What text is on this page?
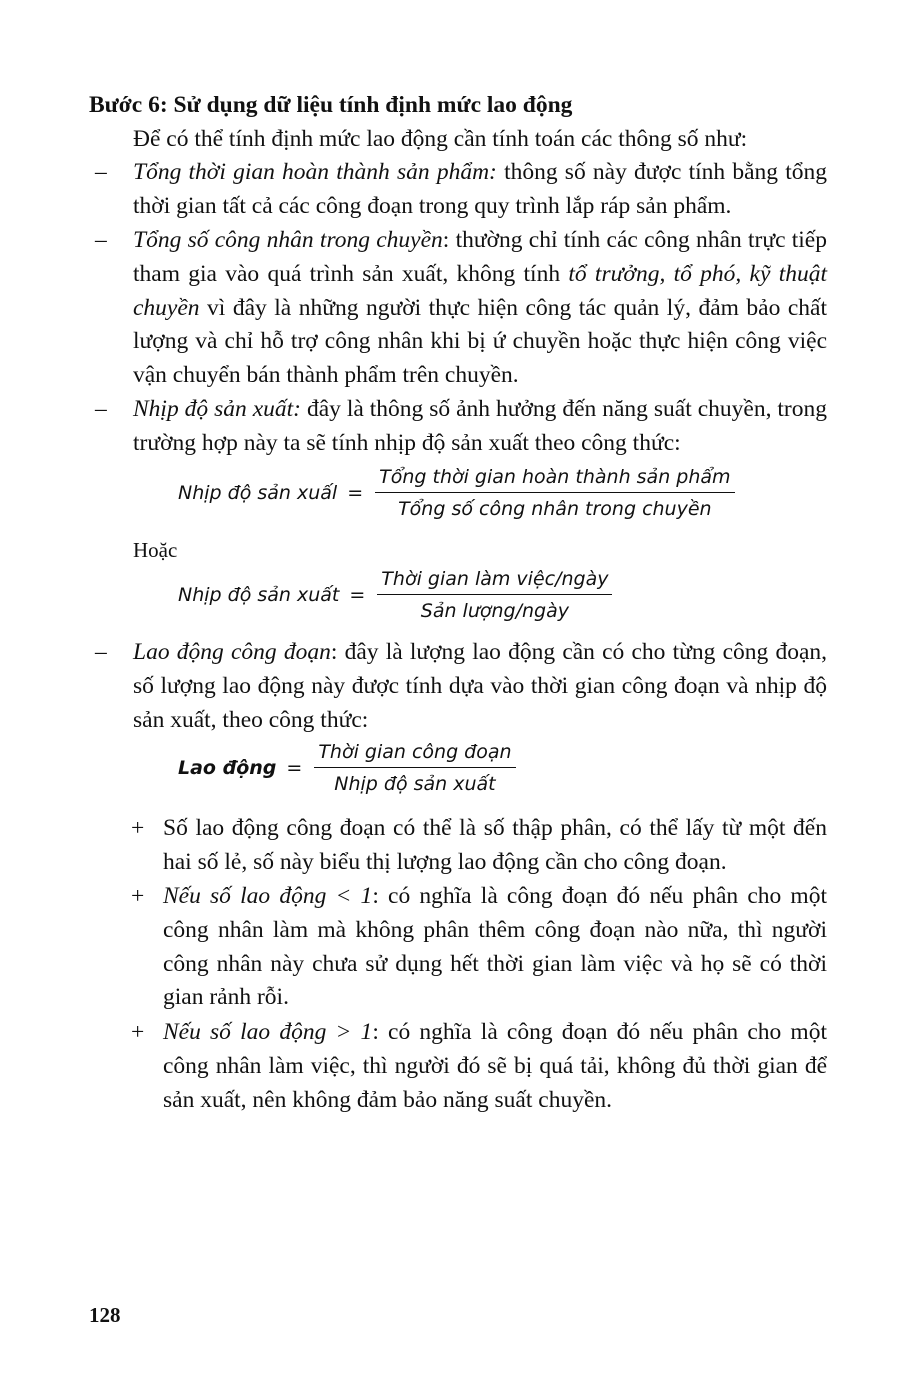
Bước 6: Sử dụng dữ liệu tính định mức lao động
Để có thể tính định mức lao động cần tính toán các thông số như:
– Tổng thời gian hoàn thành sản phẩm: thông số này được tính bằng tổng thời gian tất cả các công đoạn trong quy trình lắp ráp sản phẩm.
– Tổng số công nhân trong chuyền: thường chỉ tính các công nhân trực tiếp tham gia vào quá trình sản xuất, không tính tổ trưởng, tổ phó, kỹ thuật chuyền vì đây là những người thực hiện công tác quản lý, đảm bảo chất lượng và chỉ hỗ trợ công nhân khi bị ứ chuyền hoặc thực hiện công việc vận chuyển bán thành phẩm trên chuyền.
– Nhịp độ sản xuất: đây là thông số ảnh hưởng đến năng suất chuyền, trong trường hợp này ta sẽ tính nhịp độ sản xuất theo công thức:
Nhịp độ sản xuấl = $\frac{\text{Tổng thời gian hoàn thành sản phẩm}}{\text{Tổng số công nhân trong chuyền}}$
Hoặc
Nhịp độ sản xuất = $\frac{\text{Thời gian làm việc/ngày}}{\text{Sản lượng/ngày}}$
– Lao động công đoạn: đây là lượng lao động cần có cho từng công đoạn, số lượng lao động này được tính dựa vào thời gian công đoạn và nhịp độ sản xuất, theo công thức:
Lao động = $\frac{\text{Thời gian công đoạn}}{\text{Nhịp độ sản xuất}}$
+ Số lao động công đoạn có thể là số thập phân, có thể lấy từ một đến hai số lẻ, số này biểu thị lượng lao động cần cho công đoạn.
+ Nếu số lao động < 1: có nghĩa là công đoạn đó nếu phân cho một công nhân làm mà không phân thêm công đoạn nào nữa, thì người công nhân này chưa sử dụng hết thời gian làm việc và họ sẽ có thời gian rảnh rỗi.
+ Nếu số lao động > 1: có nghĩa là công đoạn đó nếu phân cho một công nhân làm việc, thì người đó sẽ bị quá tải, không đủ thời gian để sản xuất, nên không đảm bảo năng suất chuyền.
128
